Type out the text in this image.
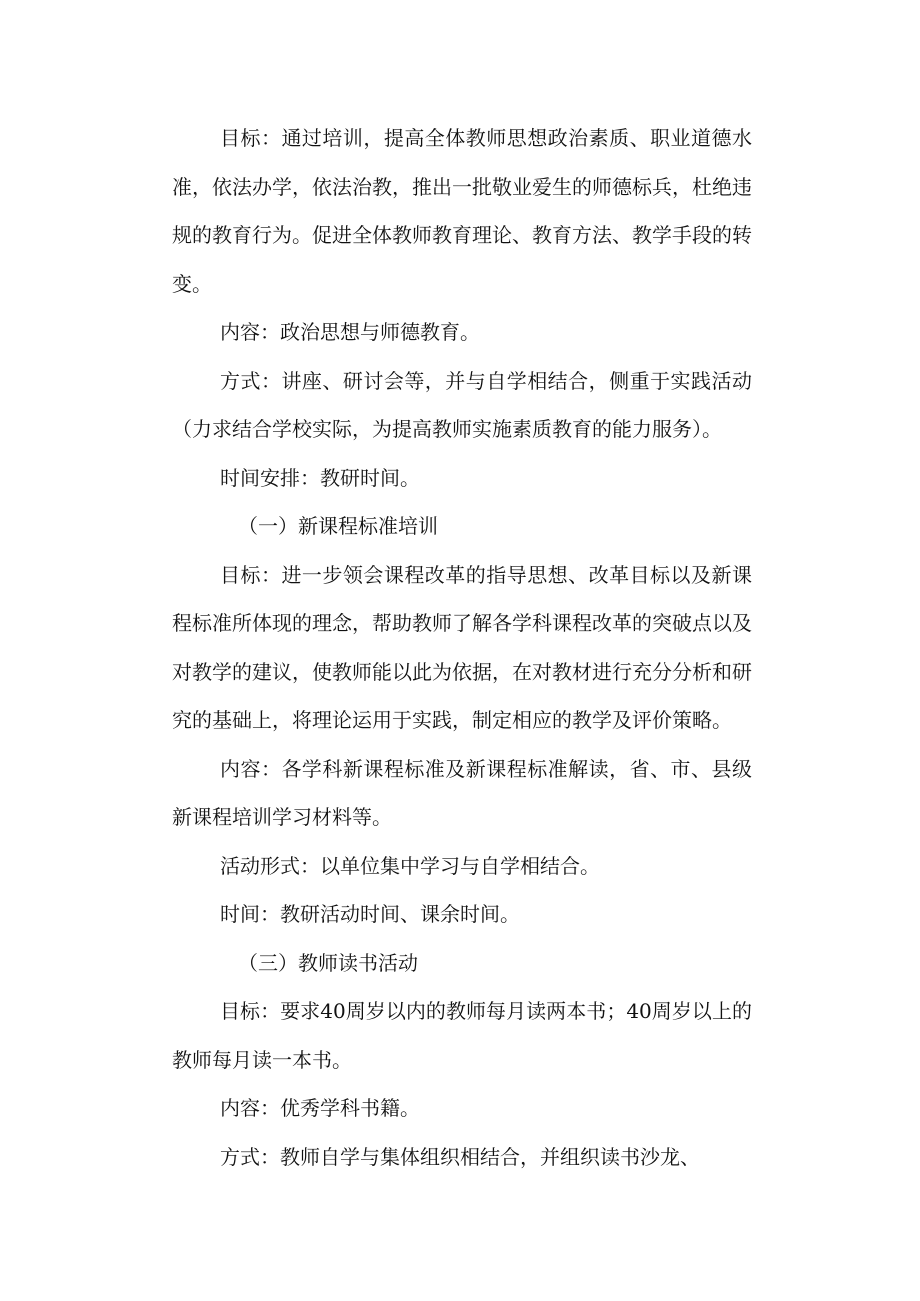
目标：通过培训，提高全体教师思想政治素质、职业道德水准，依法办学，依法治教，推出一批敬业爱生的师德标兵，杜绝违规的教育行为。促进全体教师教育理论、教育方法、教学手段的转变。

内容：政治思想与师德教育。

方式：讲座、研讨会等，并与自学相结合，侧重于实践活动（力求结合学校实际，为提高教师实施素质教育的能力服务）。

时间安排：教研时间。

（一）新课程标准培训

目标：进一步领会课程改革的指导思想、改革目标以及新课程标准所体现的理念，帮助教师了解各学科课程改革的突破点以及对教学的建议，使教师能以此为依据，在对教材进行充分分析和研究的基础上，将理论运用于实践，制定相应的教学及评价策略。

内容：各学科新课程标准及新课程标准解读，省、市、县级新课程培训学习材料等。

活动形式：以单位集中学习与自学相结合。

时间：教研活动时间、课余时间。

（三）教师读书活动

目标：要求40周岁以内的教师每月读两本书；40周岁以上的教师每月读一本书。

内容：优秀学科书籍。

方式：教师自学与集体组织相结合，并组织读书沙龙、
